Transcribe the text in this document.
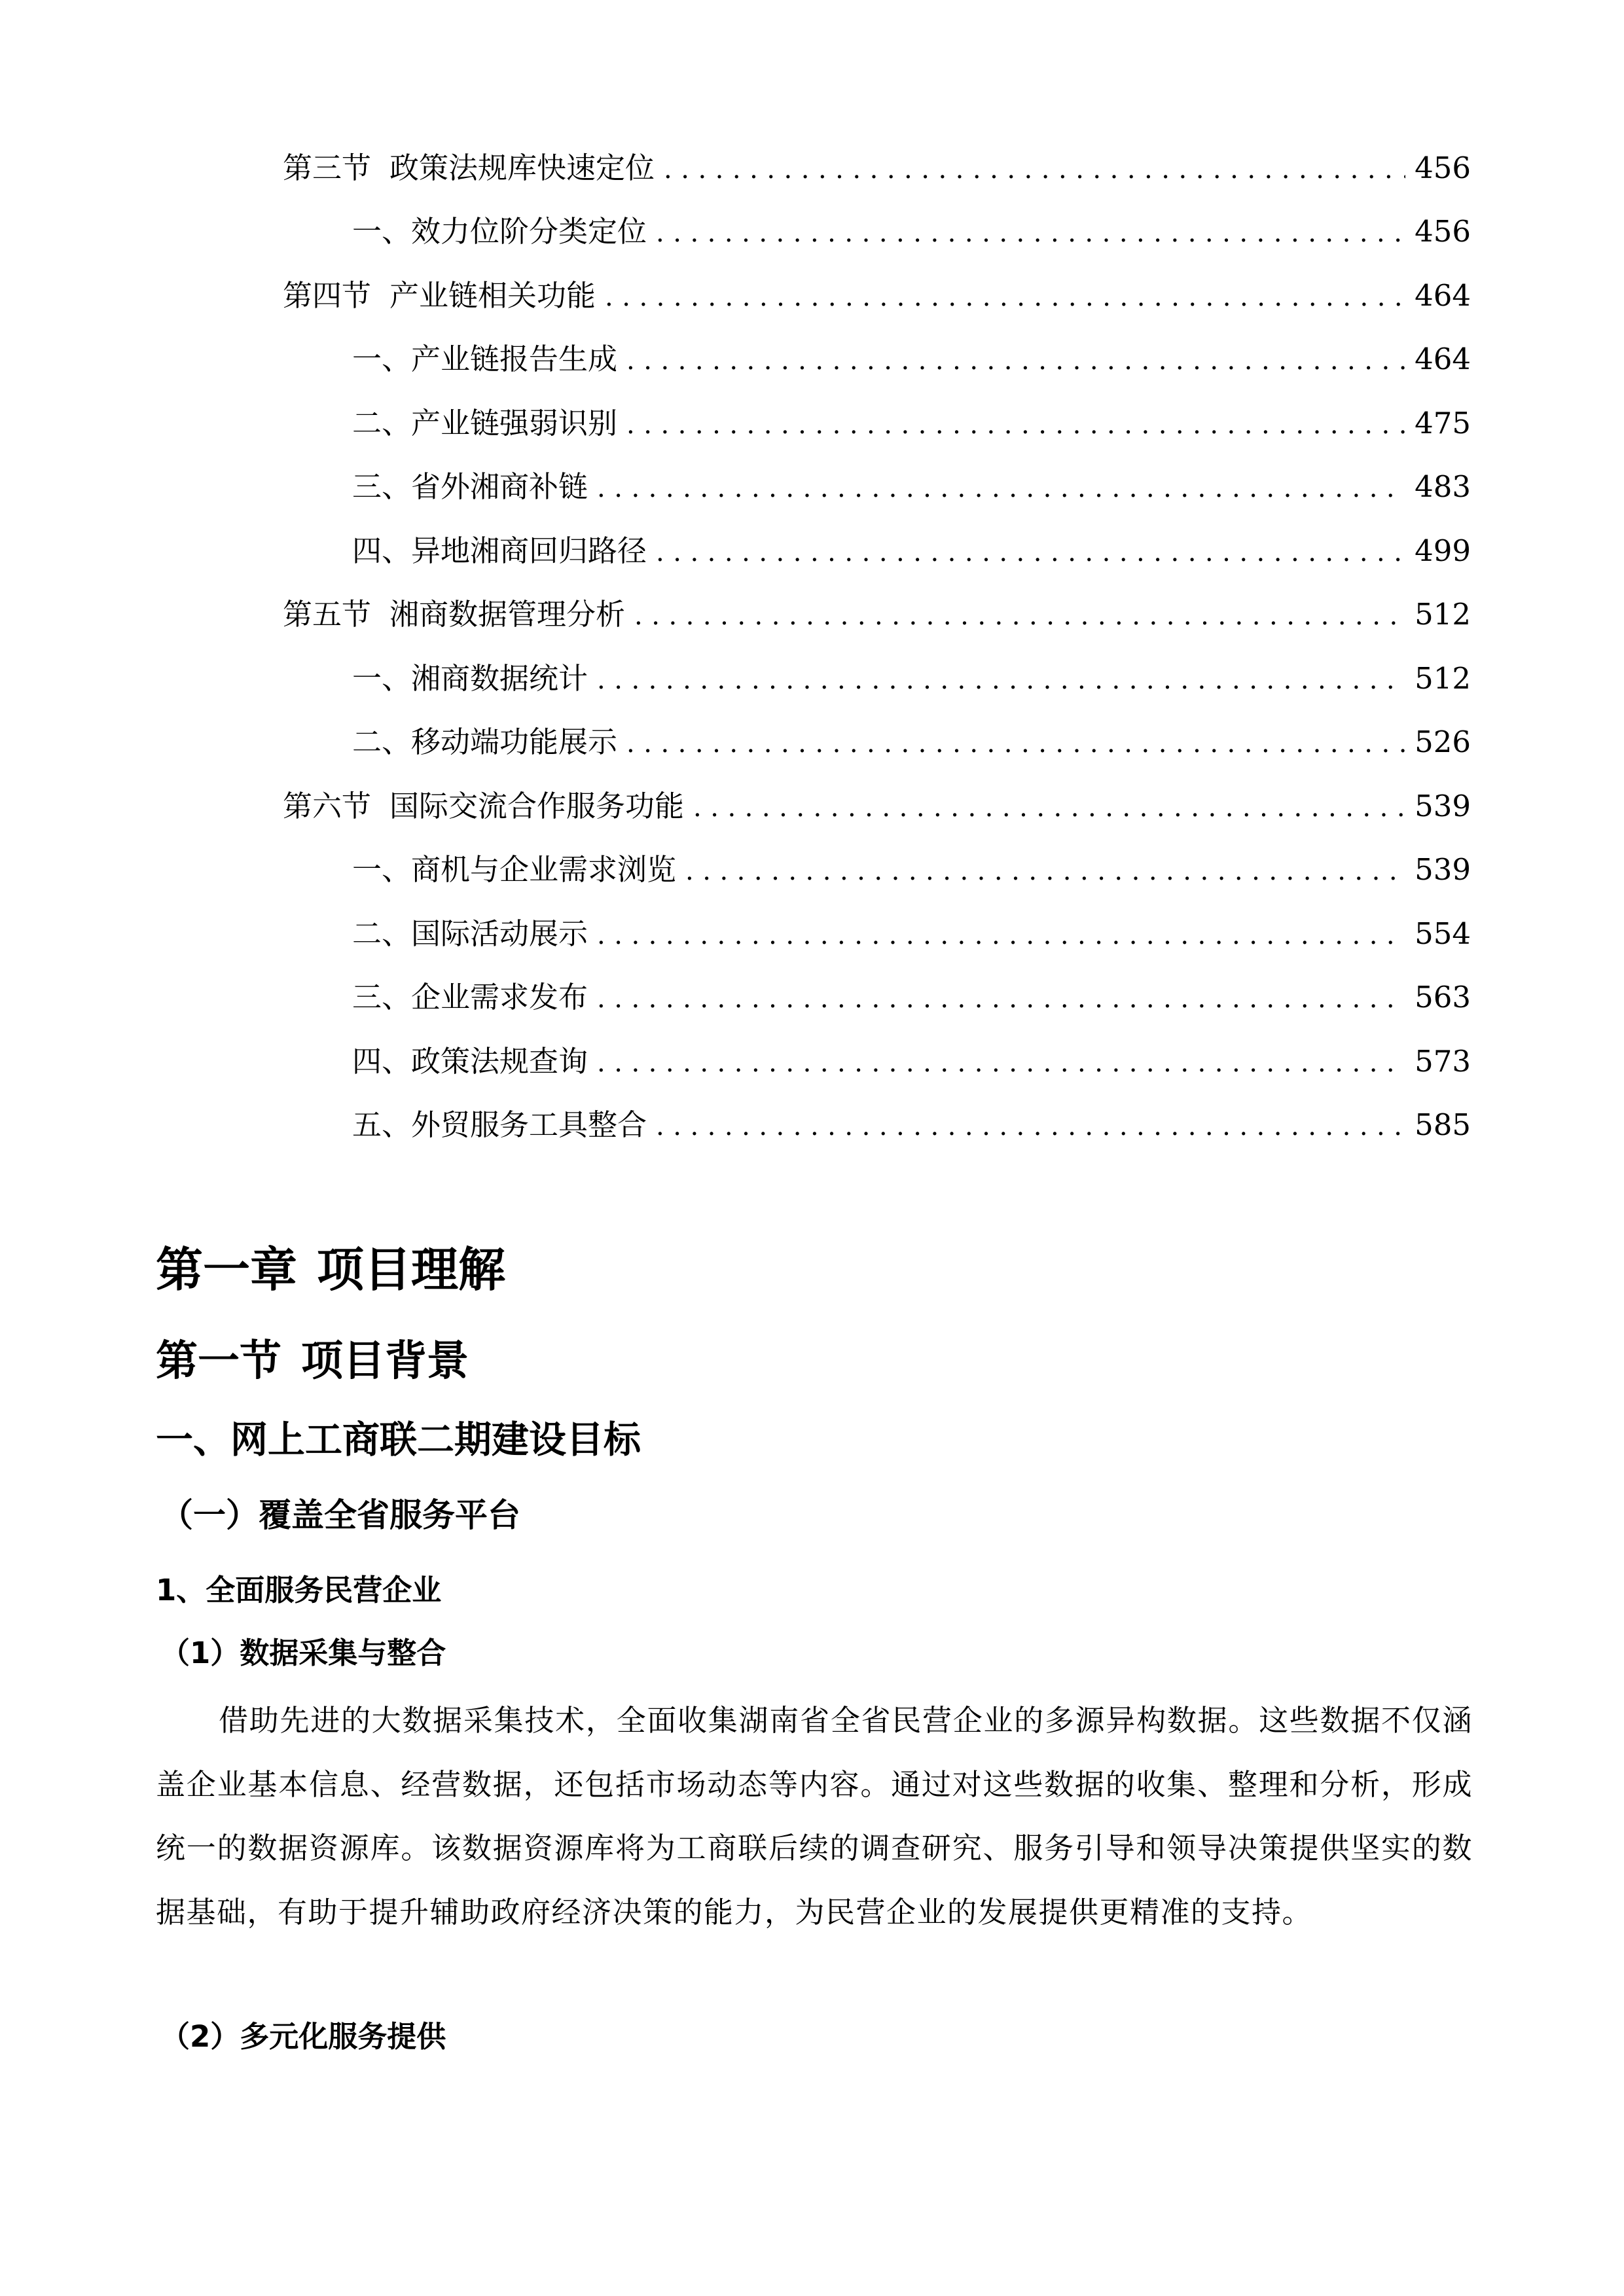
第三节 政策法规库快速定位 .....	456
一、 效力位阶分类定位 .....	456
第四节 产业链相关功能 .....	464
一、 产业链报告生成 .....	464
二、 产业链强弱识别 .....	475
三、 省外湘商补链 .....	483
四、 异地湘商回归路径 .....	499
第五节 湘商数据管理分析 .....	512
一、 湘商数据统计 .....	512
二、 移动端功能展示 .....	526
第六节 国际交流合作服务功能 .....	539
一、 商机与企业需求浏览 .....	539
二、 国际活动展示 .....	554
三、 企业需求发布 .....	563
四、 政策法规查询 .....	573
五、 外贸服务工具整合 .....	585
第一章 项目理解
第一节 项目背景
一、网上工商联二期建设目标
（一）覆盖全省服务平台
1、全面服务民营企业
（1）数据采集与整合

借助先进的大数据采集技术，全面收集湖南省全省民营企业的多源异构数据。这些数据不仅涵盖企业基本信息、经营数据，还包括市场动态等内容。通过对这些数据的收集、整理和分析，形成统一的数据资源库。该数据资源库将为工商联后续的调查研究、服务引导和领导决策提供坚实的数据基础，有助于提升辅助政府经济决策的能力，为民营企业的发展提供更精准的支持。

（2）多元化服务提供
